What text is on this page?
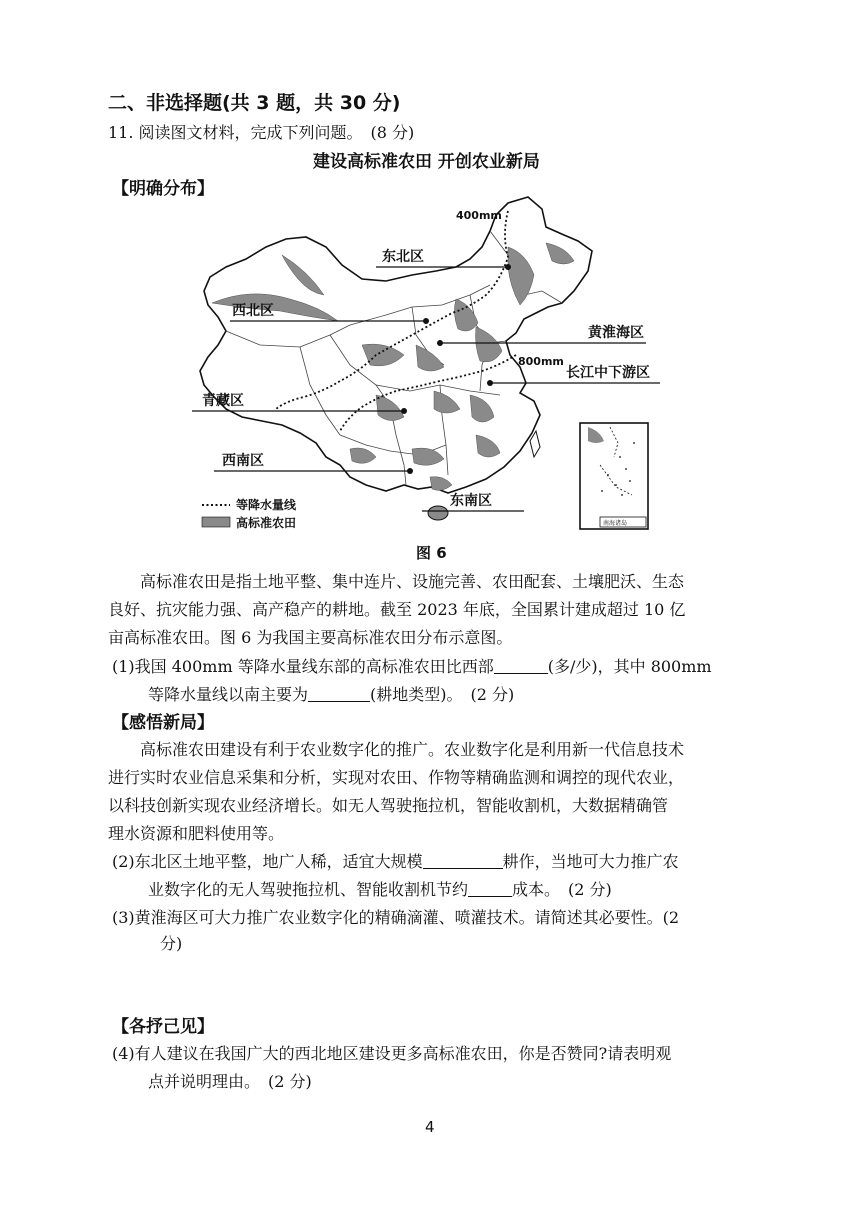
二、非选择题(共 3 题，共 30 分)
11. 阅读图文材料，完成下列问题。　(8 分)
建设高标准农田 开创农业新局
【明确分布】
东北区
西北区
黄淮海区
长江中下游区
青藏区
西南区
东南区
400mm
800mm
南海诸岛
等降水量线
高标准农田
图 6
高标准农田是指土地平整、集中连片、设施完善、农田配套、土壤肥沃、生态
良好、抗灾能力强、高产稳产的耕地。截至 2023 年底，全国累计建成超过 10 亿
亩高标准农田。图 6 为我国主要高标准农田分布示意图。
(1)我国 400mm 等降水量线东部的高标准农田比西部	(多/少)，其中 800mm
等降水量线以南主要为	(耕地类型)。　(2 分)
【感悟新局】
高标准农田建设有利于农业数字化的推广。农业数字化是利用新一代信息技术
进行实时农业信息采集和分析，实现对农田、作物等精确监测和调控的现代农业，
以科技创新实现农业经济增长。如无人驾驶拖拉机，智能收割机，大数据精确管
理水资源和肥料使用等。
(2)东北区土地平整，地广人稀，适宜大规模	耕作，当地可大力推广农
业数字化的无人驾驶拖拉机、智能收割机节约	成本。　(2 分)
(3)黄淮海区可大力推广农业数字化的精确滴灌、喷灌技术。请简述其必要性。(2
分)
【各抒己见】
(4)有人建议在我国广大的西北地区建设更多高标准农田，你是否赞同?请表明观
点并说明理由。　(2 分)
4
